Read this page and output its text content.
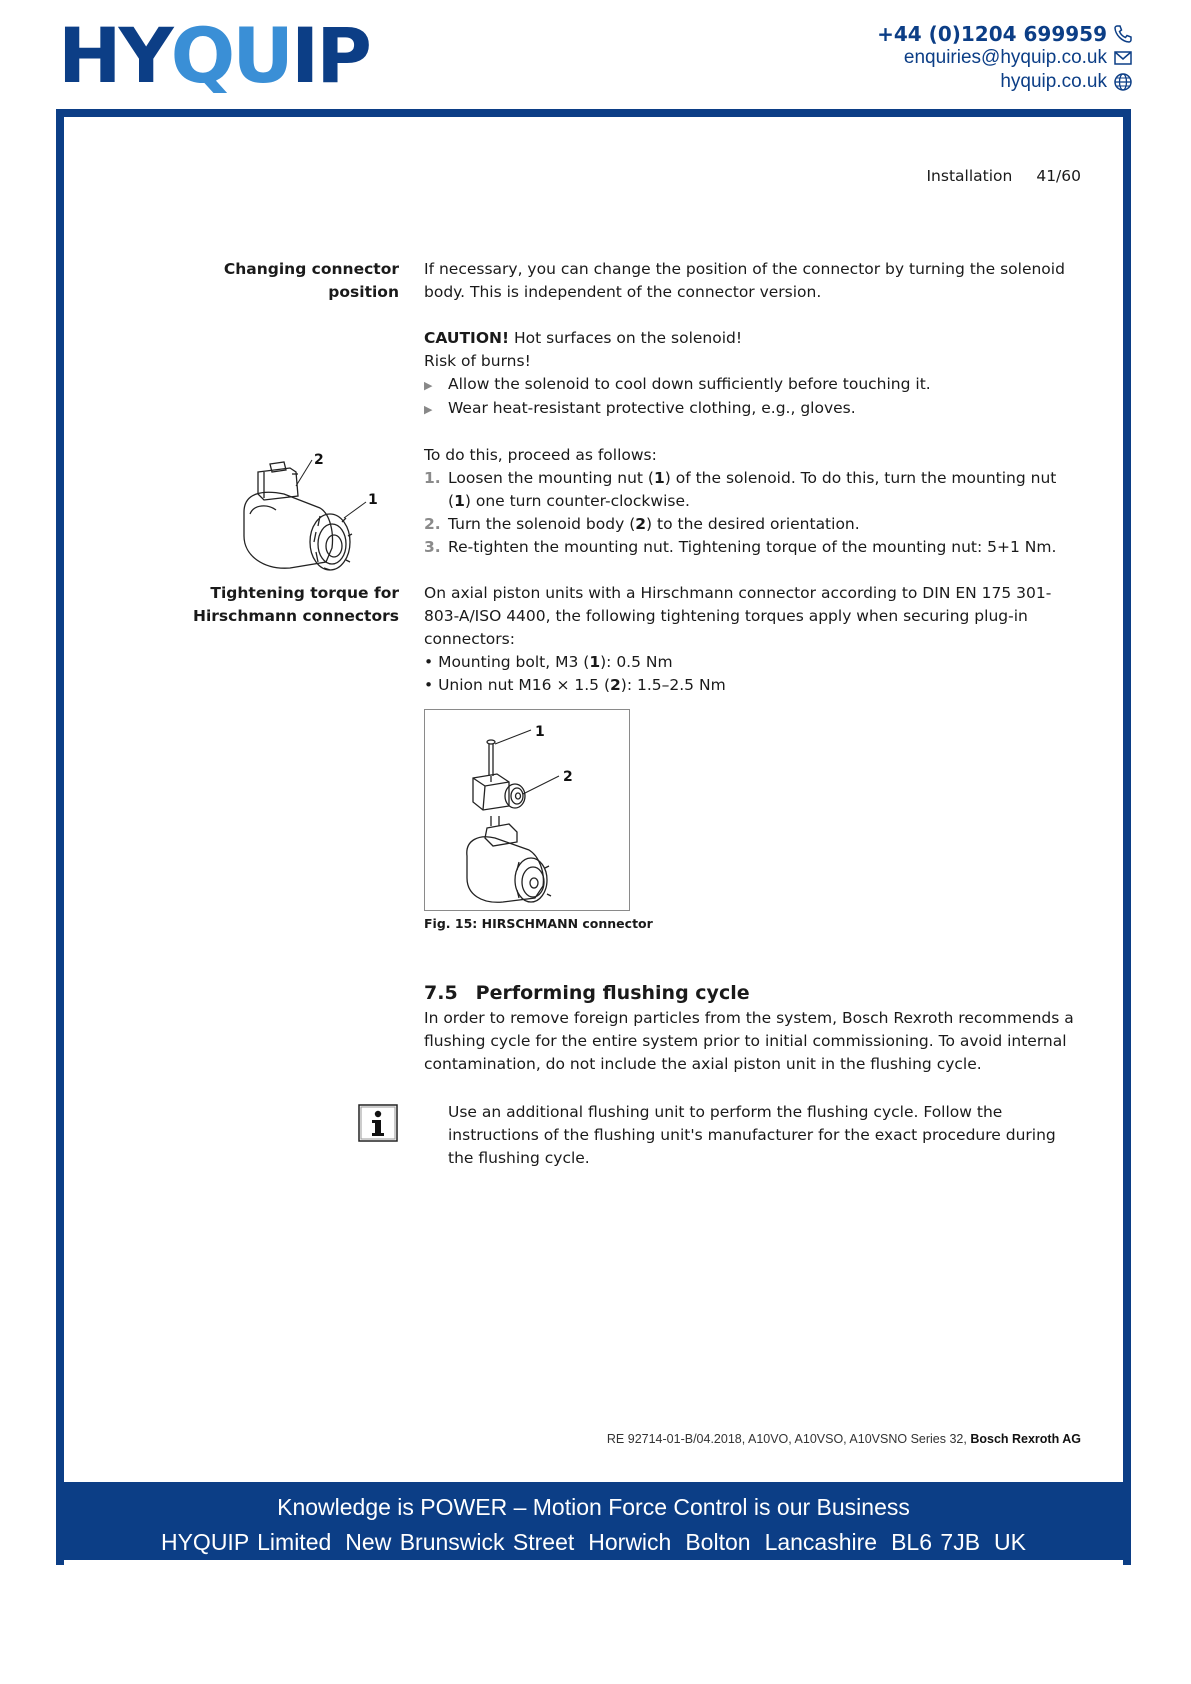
HYQUIP	+44 (0)1204 699959
enquiries@hyquip.co.uk
hyquip.co.uk
Installation 41/60
Changing connector
position

If necessary, you can change the position of the connector by turning the solenoid body. This is independent of the connector version.

CAUTION! Hot surfaces on the solenoid!

Risk of burns!

▶	Allow the solenoid to cool down sufficiently before touching it.
▶	Wear heat-resistant protective clothing, e.g., gloves.

To do this, proceed as follows:

1. Loosen the mounting nut (1) of the solenoid. To do this, turn the mounting nut (1) one turn counter-clockwise.
2. Turn the solenoid body (2) to the desired orientation.
3. Re-tighten the mounting nut. Tightening torque of the mounting nut: 5+1 Nm.
2
1
Tightening torque for
Hirschmann connectors

On axial piston units with a Hirschmann connector according to DIN EN 175 301-803-A/ISO 4400, the following tightening torques apply when securing plug-in connectors:

• Mounting bolt, M3 (1): 0.5 Nm

• Union nut M16 × 1.5 (2): 1.5–2.5 Nm

1
2
Fig. 15: HIRSCHMANN connector
7.5 Performing flushing cycle

In order to remove foreign particles from the system, Bosch Rexroth recommends a flushing cycle for the entire system prior to initial commissioning. To avoid internal contamination, do not include the axial piston unit in the flushing cycle.

Use an additional flushing unit to perform the flushing cycle. Follow the instructions of the flushing unit's manufacturer for the exact procedure during the flushing cycle.

RE 92714-01-B/04.2018, A10VO, A10VSO, A10VSNO Series 32, Bosch Rexroth AG
Knowledge is POWER – Motion Force Control is our Business
HYQUIP Limited New Brunswick Street Horwich Bolton Lancashire BL6 7JB UK
